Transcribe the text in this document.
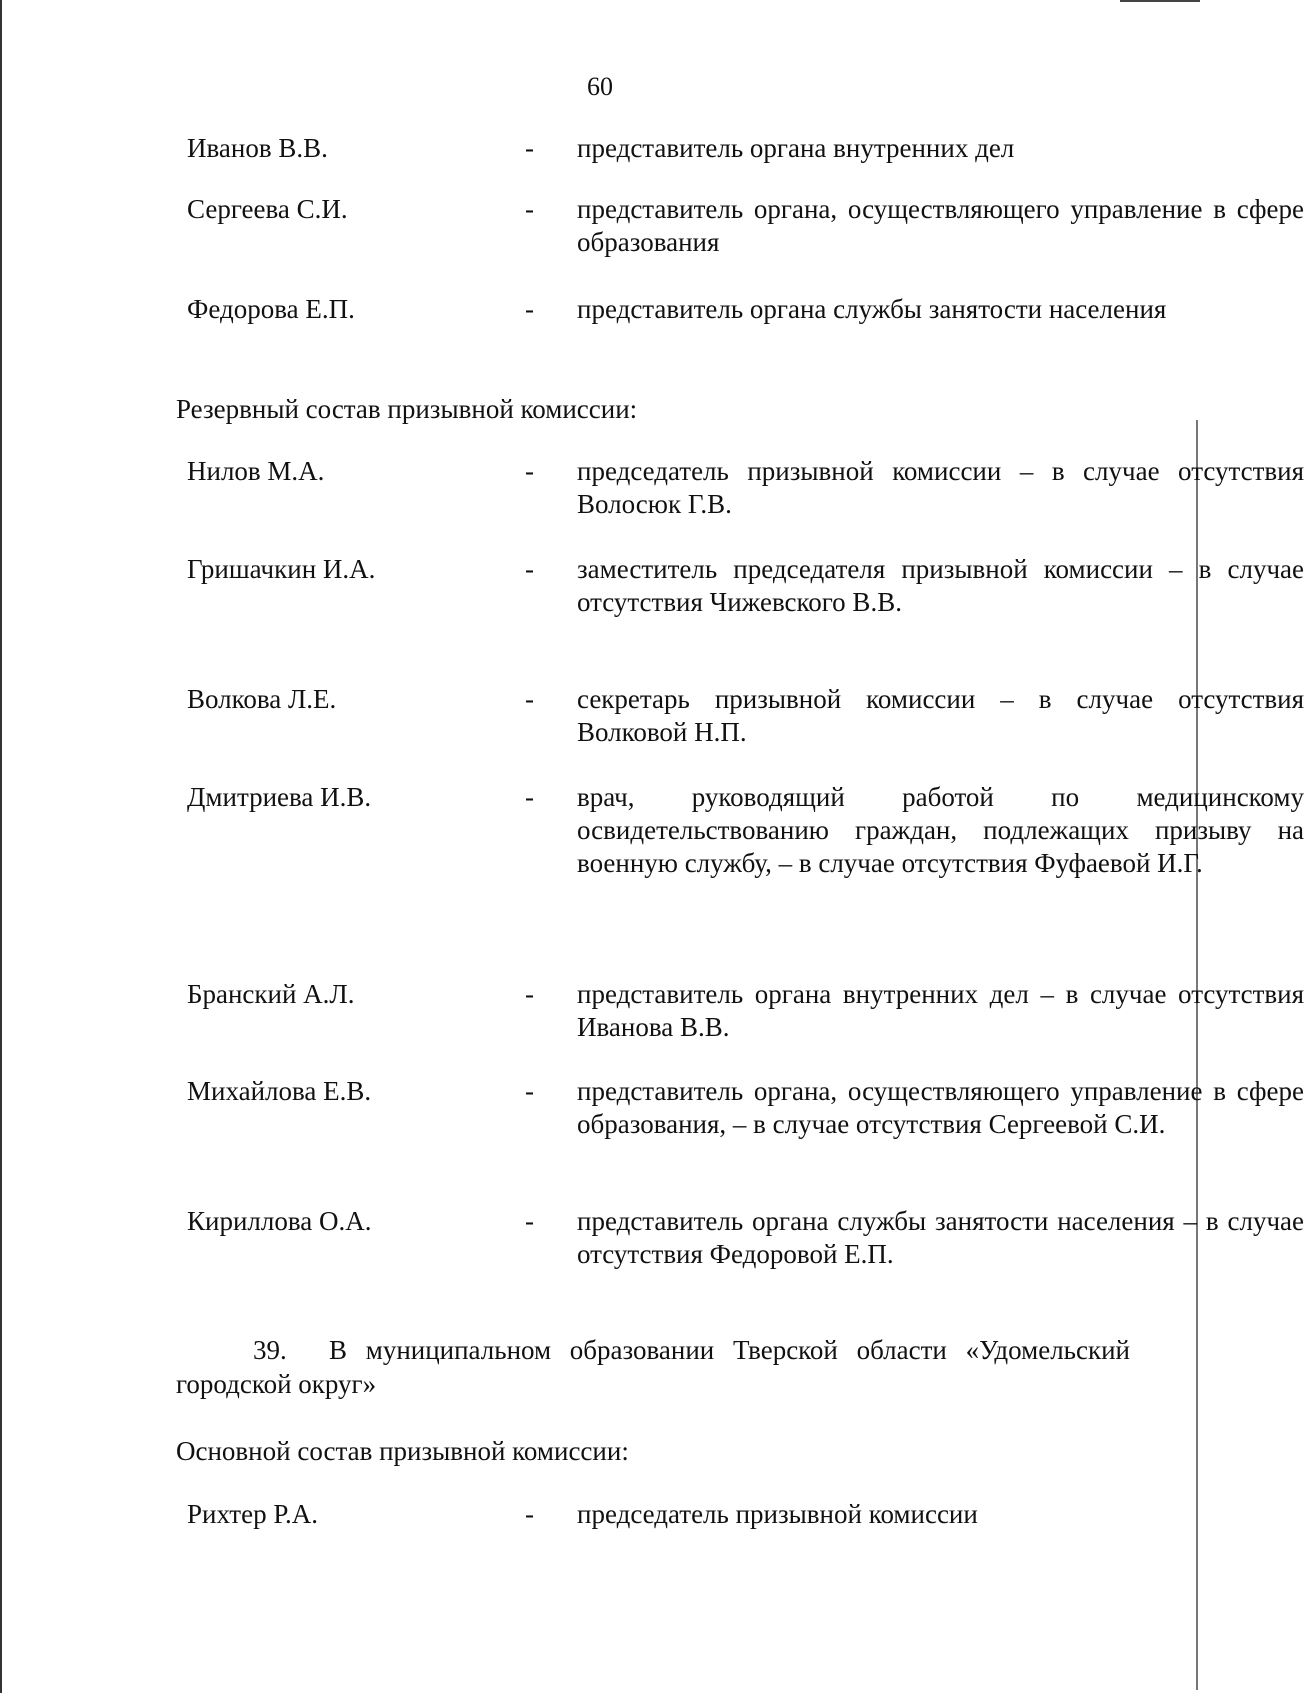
60
Иванов В.В.	- представитель органа внутренних дел
Сергеева С.И.	- представитель органа, осуществляющего управление в сфере образования
Федорова Е.П.	- представитель органа службы занятости населения
Резервный состав призывной комиссии:
Нилов М.А.	- председатель призывной комиссии – в случае отсутствия Волосюк Г.В.
Гришачкин И.А.	- заместитель председателя призывной комиссии – в случае отсутствия Чижевского В.В.
Волкова Л.Е.	- секретарь призывной комиссии – в случае отсутствия Волковой Н.П.
Дмитриева И.В.	- врач, руководящий работой по медицинскому освидетельствованию граждан, подлежащих призыву на военную службу, – в случае отсутствия Фуфаевой И.Г.
Бранский А.Л.	- представитель органа внутренних дел – в случае отсутствия Иванова В.В.
Михайлова Е.В.	- представитель органа, осуществляющего управление в сфере образования, – в случае отсутствия Сергеевой С.И.
Кириллова О.А.	- представитель органа службы занятости населения – в случае отсутствия Федоровой Е.П.
39. В муниципальном образовании Тверской области «Удомельский городской округ»
Основной состав призывной комиссии:
Рихтер Р.А.	- председатель призывной комиссии
